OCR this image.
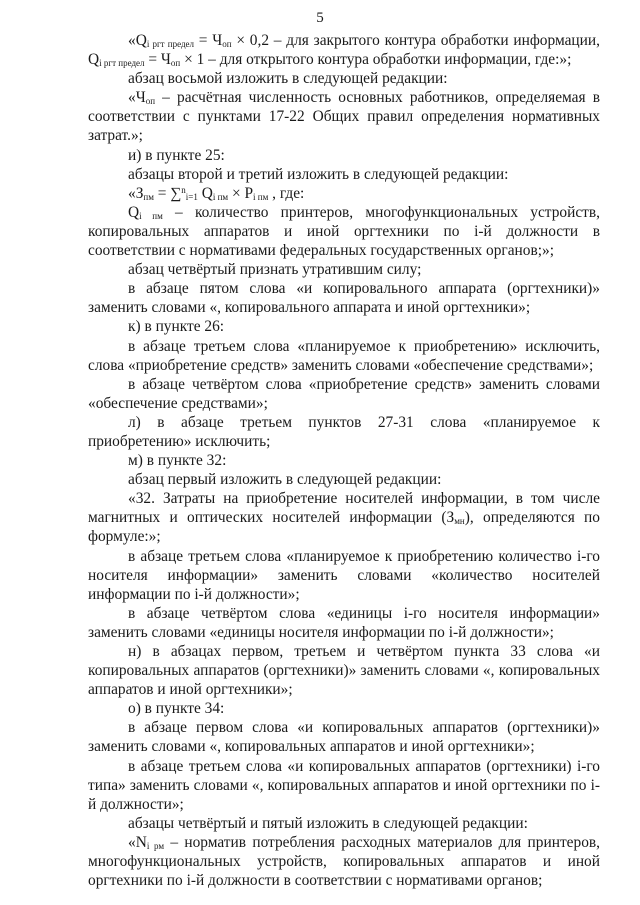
5

«$Q_{i ргт предел} = Ч_{оп} \times 0,2$ – для закрытого контура обработки информации, $Q_{i ргт предел} = Ч_{оп} \times 1$ – для открытого контура обработки информации, где:»;

абзац восьмой изложить в следующей редакции:

«$Ч_{оп}$ – расчётная численность основных работников, определяемая в соответствии с пунктами 17-22 Общих правил определения нормативных затрат.»;

и) в пункте 25:

абзацы второй и третий изложить в следующей редакции:

«$З_{пм} = \sum^n_{i=1}$ $Q_{i пм} \times P_{i пм}$ , где:

$Q_{i пм}$ – количество принтеров, многофункциональных устройств, копировальных аппаратов и иной оргтехники по i-й должности в соответствии с нормативами федеральных государственных органов;»;

абзац четвёртый признать утратившим силу;

в абзаце пятом слова «и копировального аппарата (оргтехники)» заменить словами «, копировального аппарата и иной оргтехники»;

к) в пункте 26:

в абзаце третьем слова «планируемое к приобретению» исключить, слова «приобретение средств» заменить словами «обеспечение средствами»;

в абзаце четвёртом слова «приобретение средств» заменить словами «обеспечение средствами»;

л) в абзаце третьем пунктов 27-31 слова «планируемое к приобретению» исключить;

м) в пункте 32:

абзац первый изложить в следующей редакции:

«32. Затраты на приобретение носителей информации, в том числе магнитных и оптических носителей информации $(З_{мн})$, определяются по формуле:»;

в абзаце третьем слова «планируемое к приобретению количество i-го носителя информации» заменить словами «количество носителей информации по i-й должности»;

в абзаце четвёртом слова «единицы i-го носителя информации» заменить словами «единицы носителя информации по i-й должности»;

н) в абзацах первом, третьем и четвёртом пункта 33 слова «и копировальных аппаратов (оргтехники)» заменить словами «, копировальных аппаратов и иной оргтехники»;

о) в пункте 34:

в абзаце первом слова «и копировальных аппаратов (оргтехники)» заменить словами «, копировальных аппаратов и иной оргтехники»;

в абзаце третьем слова «и копировальных аппаратов (оргтехники) i-го типа» заменить словами «, копировальных аппаратов и иной оргтехники по i-й должности»;

абзацы четвёртый и пятый изложить в следующей редакции:

«$N_{i рм}$ – норматив потребления расходных материалов для принтеров, многофункциональных устройств, копировальных аппаратов и иной оргтехники по i-й должности в соответствии с нормативами органов;
